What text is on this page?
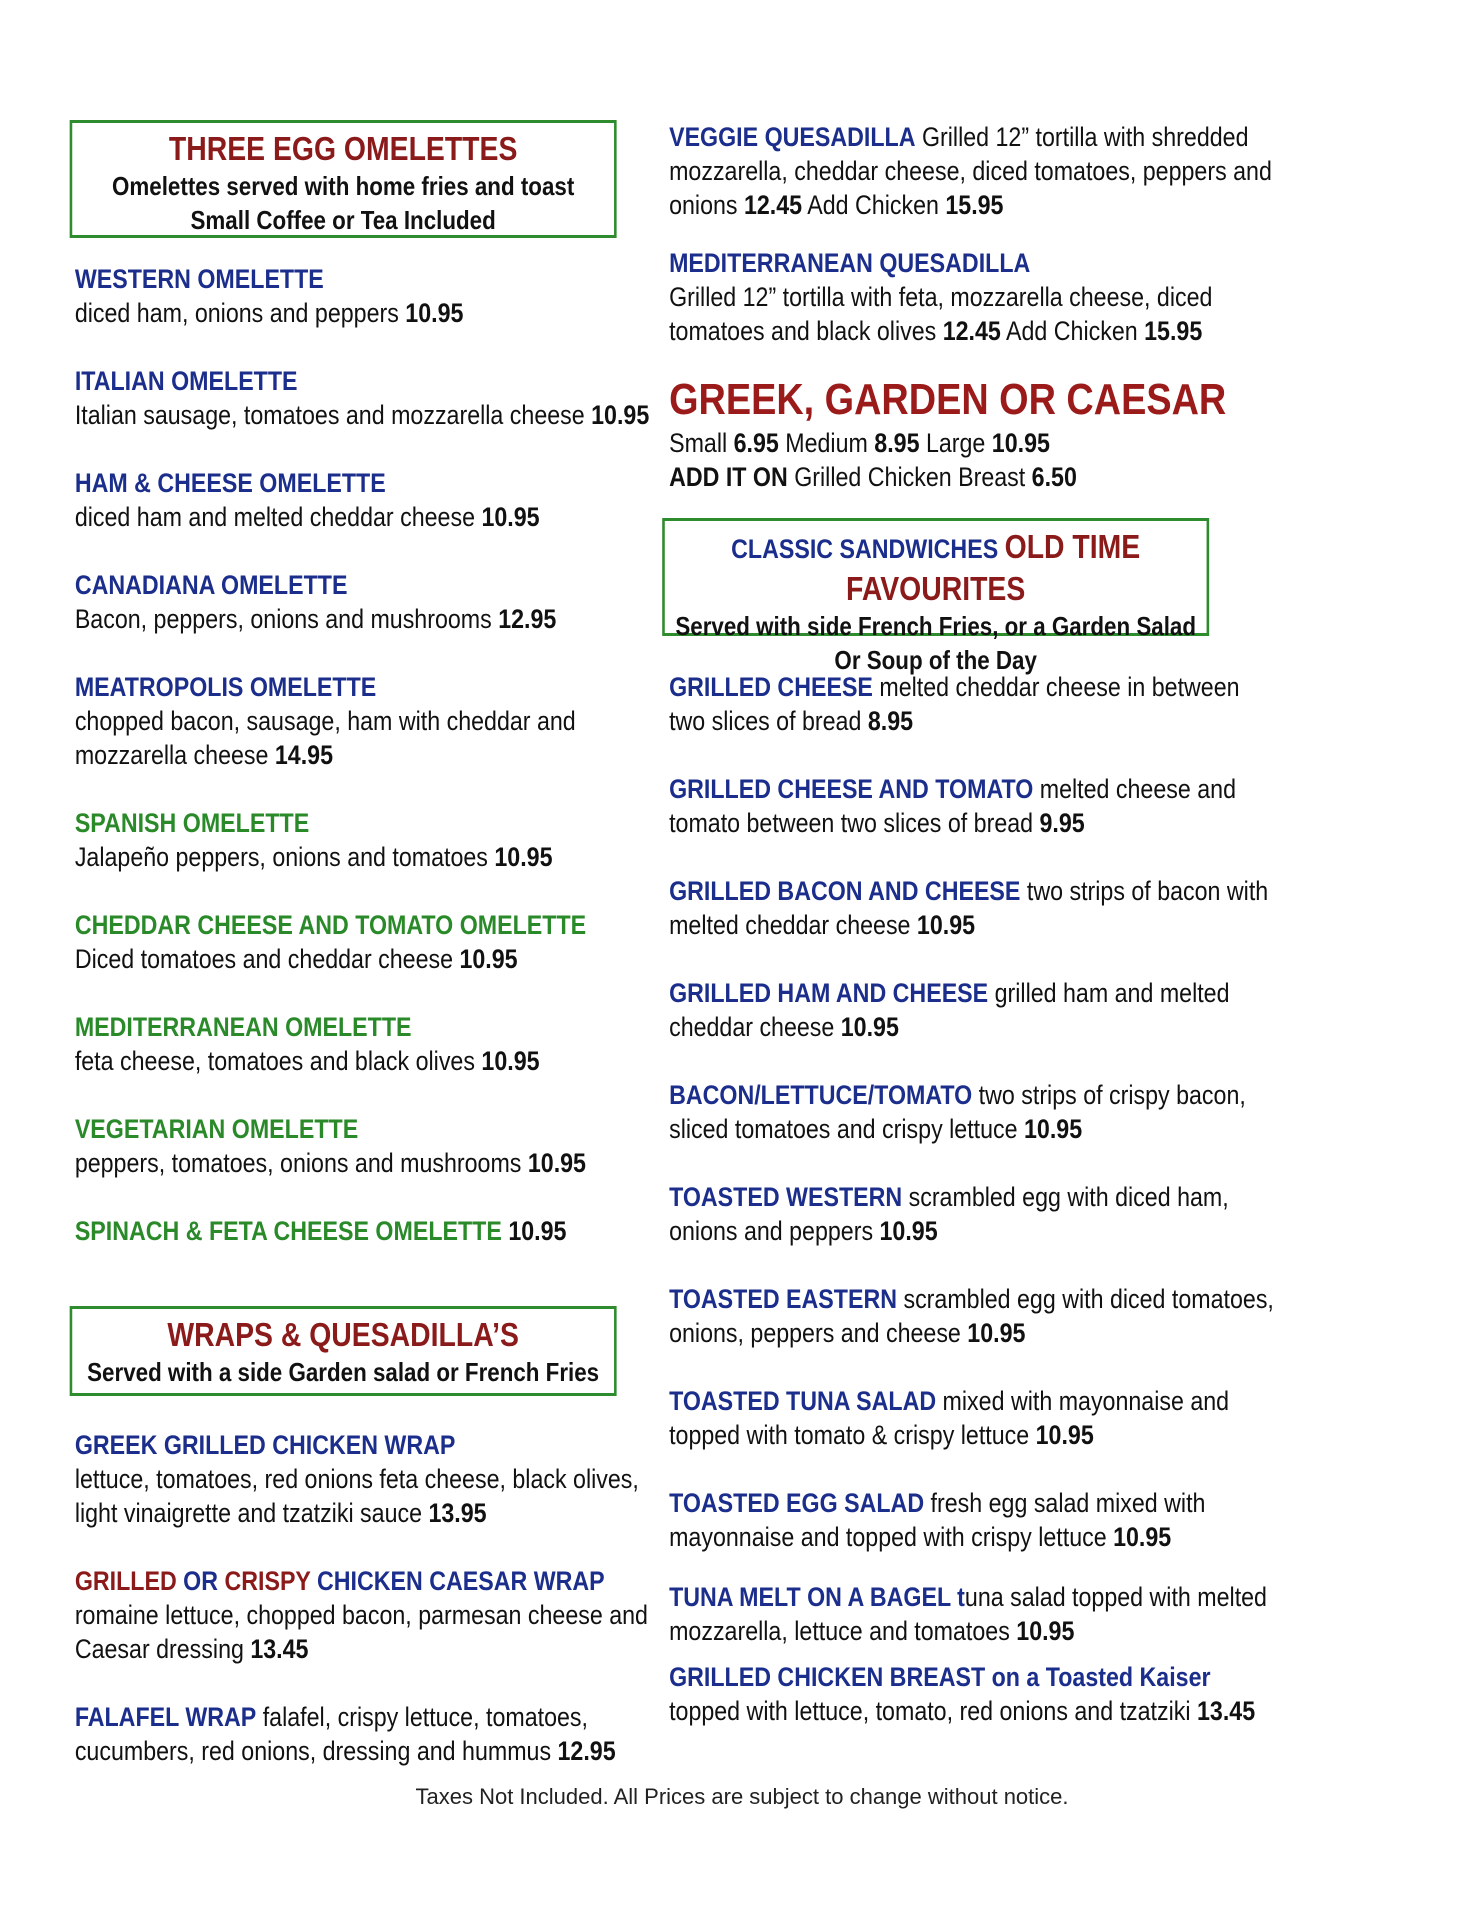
THREE EGG OMELETTES
Omelettes served with home fries and toast
Small Coffee or Tea Included
WESTERN OMELETTE
diced ham, onions and peppers 10.95
ITALIAN OMELETTE
Italian sausage, tomatoes and mozzarella cheese 10.95
HAM & CHEESE OMELETTE
diced ham and melted cheddar cheese 10.95
CANADIANA OMELETTE
Bacon, peppers, onions and mushrooms 12.95
MEATROPOLIS OMELETTE
chopped bacon, sausage, ham with cheddar and
mozzarella cheese 14.95
SPANISH OMELETTE
Jalapeño peppers, onions and tomatoes 10.95
CHEDDAR CHEESE AND TOMATO OMELETTE
Diced tomatoes and cheddar cheese 10.95
MEDITERRANEAN OMELETTE
feta cheese, tomatoes and black olives 10.95
VEGETARIAN OMELETTE
peppers, tomatoes, onions and mushrooms 10.95
SPINACH & FETA CHEESE OMELETTE 10.95
WRAPS & QUESADILLA’S
Served with a side Garden salad or French Fries
GREEK GRILLED CHICKEN WRAP
lettuce, tomatoes, red onions feta cheese, black olives,
light vinaigrette and tzatziki sauce 13.95
GRILLED OR CRISPY CHICKEN CAESAR WRAP
romaine lettuce, chopped bacon, parmesan cheese and
Caesar dressing 13.45
FALAFEL WRAP falafel, crispy lettuce, tomatoes,
cucumbers, red onions, dressing and hummus 12.95
VEGGIE QUESADILLA Grilled 12” tortilla with shredded
mozzarella, cheddar cheese, diced tomatoes, peppers and
onions 12.45 Add Chicken 15.95
MEDITERRANEAN QUESADILLA
Grilled 12” tortilla with feta, mozzarella cheese, diced
tomatoes and black olives 12.45 Add Chicken 15.95
GREEK, GARDEN OR CAESAR
Small 6.95 Medium 8.95 Large 10.95
ADD IT ON Grilled Chicken Breast 6.50
CLASSIC SANDWICHES OLD TIME FAVOURITES
Served with side French Fries, or a Garden Salad
Or Soup of the Day
GRILLED CHEESE melted cheddar cheese in between
two slices of bread 8.95
GRILLED CHEESE AND TOMATO melted cheese and
tomato between two slices of bread 9.95
GRILLED BACON AND CHEESE two strips of bacon with
melted cheddar cheese 10.95
GRILLED HAM AND CHEESE grilled ham and melted
cheddar cheese 10.95
BACON/LETTUCE/TOMATO two strips of crispy bacon,
sliced tomatoes and crispy lettuce 10.95
TOASTED WESTERN scrambled egg with diced ham,
onions and peppers 10.95
TOASTED EASTERN scrambled egg with diced tomatoes,
onions, peppers and cheese 10.95
TOASTED TUNA SALAD mixed with mayonnaise and
topped with tomato & crispy lettuce 10.95
TOASTED EGG SALAD fresh egg salad mixed with
mayonnaise and topped with crispy lettuce 10.95
TUNA MELT ON A BAGEL tuna salad topped with melted
mozzarella, lettuce and tomatoes 10.95
GRILLED CHICKEN BREAST on a Toasted Kaiser
topped with lettuce, tomato, red onions and tzatziki 13.45
Taxes Not Included. All Prices are subject to change without notice.
